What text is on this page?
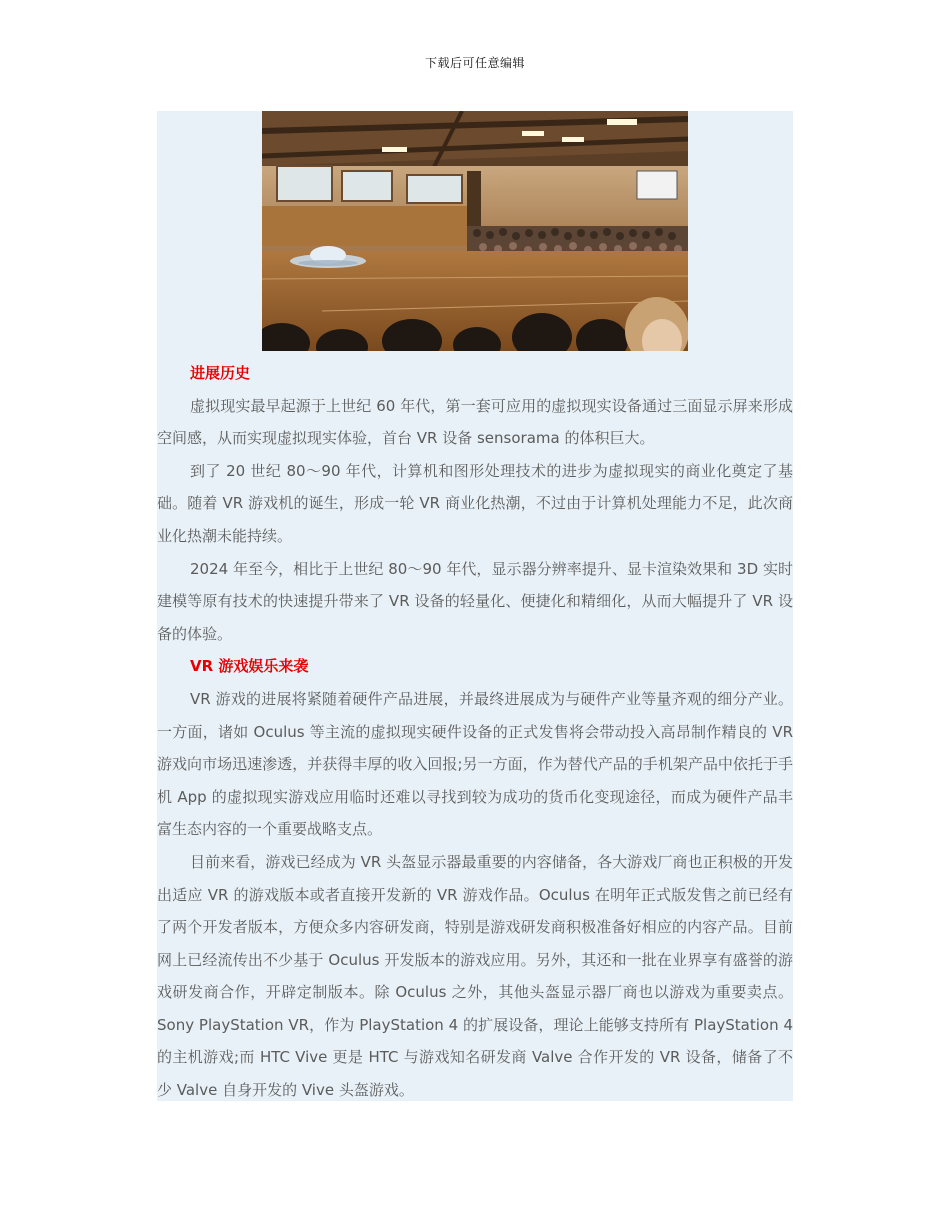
下载后可任意编辑
进展历史

虚拟现实最早起源于上世纪 60 年代，第一套可应用的虚拟现实设备通过三面显示屏来形成空间感，从而实现虚拟现实体验，首台 VR 设备 sensorama 的体积巨大。

到了 20 世纪 80～90 年代，计算机和图形处理技术的进步为虚拟现实的商业化奠定了基础。随着 VR 游戏机的诞生，形成一轮 VR 商业化热潮，不过由于计算机处理能力不足，此次商业化热潮未能持续。

2024 年至今，相比于上世纪 80～90 年代，显示器分辨率提升、显卡渲染效果和 3D 实时建模等原有技术的快速提升带来了 VR 设备的轻量化、便捷化和精细化，从而大幅提升了 VR 设备的体验。

VR 游戏娱乐来袭

VR 游戏的进展将紧随着硬件产品进展，并最终进展成为与硬件产业等量齐观的细分产业。 一方面，诸如 Oculus 等主流的虚拟现实硬件设备的正式发售将会带动投入高昂制作精良的 VR 游戏向市场迅速渗透，并获得丰厚的收入回报;另一方面，作为替代产品的手机架产品中依托于手机 App 的虚拟现实游戏应用临时还难以寻找到较为成功的货币化变现途径，而成为硬件产品丰富生态内容的一个重要战略支点。

目前来看，游戏已经成为 VR 头盔显示器最重要的内容储备，各大游戏厂商也正积极的开发出适应 VR 的游戏版本或者直接开发新的 VR 游戏作品。Oculus 在明年正式版发售之前已经有了两个开发者版本，方便众多内容研发商，特别是游戏研发商积极准备好相应的内容产品。目前网上已经流传出不少基于 Oculus 开发版本的游戏应用。另外，其还和一批在业界享有盛誉的游戏研发商合作，开辟定制版本。除 Oculus 之外，其他头盔显示器厂商也以游戏为重要卖点。Sony PlayStation VR，作为 PlayStation 4 的扩展设备，理论上能够支持所有 PlayStation 4 的主机游戏;而 HTC Vive 更是 HTC 与游戏知名研发商 Valve 合作开发的 VR 设备，储备了不少 Valve 自身开发的 Vive 头盔游戏。
